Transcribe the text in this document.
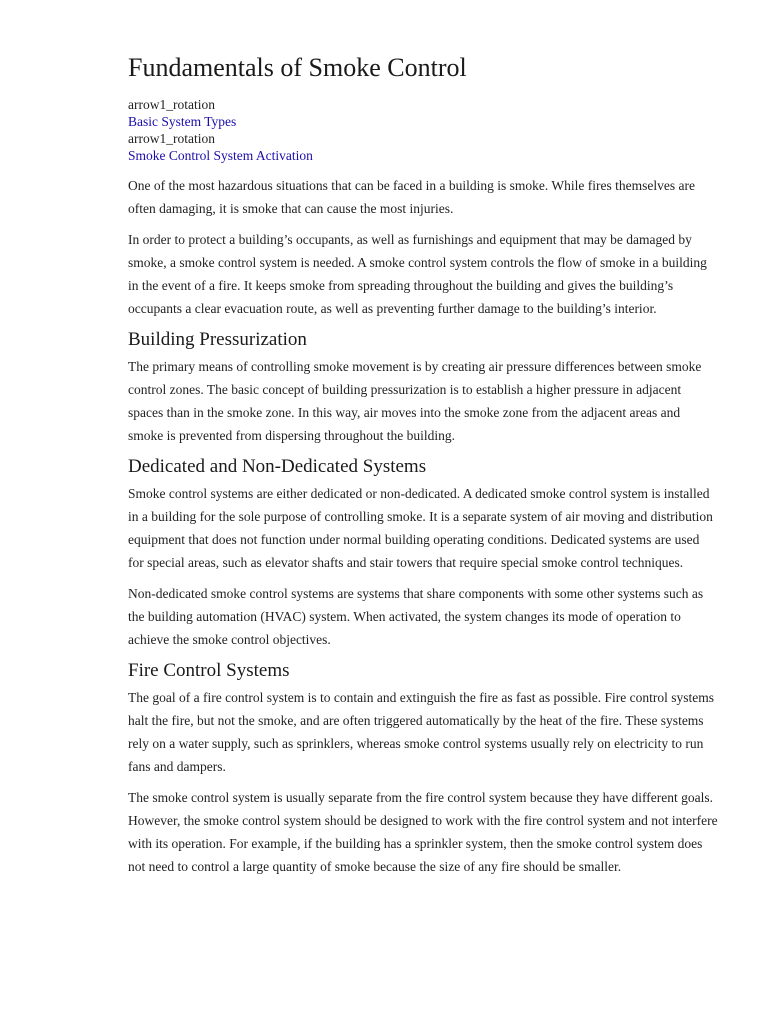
Fundamentals of Smoke Control
arrow1_rotation
Basic System Types
arrow1_rotation
Smoke Control System Activation

One of the most hazardous situations that can be faced in a building is smoke. While fires themselves are often damaging, it is smoke that can cause the most injuries.

In order to protect a building’s occupants, as well as furnishings and equipment that may be damaged by smoke, a smoke control system is needed. A smoke control system controls the flow of smoke in a building in the event of a fire. It keeps smoke from spreading throughout the building and gives the building’s occupants a clear evacuation route, as well as preventing further damage to the building’s interior.

Building Pressurization

The primary means of controlling smoke movement is by creating air pressure differences between smoke control zones. The basic concept of building pressurization is to establish a higher pressure in adjacent spaces than in the smoke zone. In this way, air moves into the smoke zone from the adjacent areas and smoke is prevented from dispersing throughout the building.

Dedicated and Non-Dedicated Systems

Smoke control systems are either dedicated or non-dedicated. A dedicated smoke control system is installed in a building for the sole purpose of controlling smoke. It is a separate system of air moving and distribution equipment that does not function under normal building operating conditions. Dedicated systems are used for special areas, such as elevator shafts and stair towers that require special smoke control techniques.

Non-dedicated smoke control systems are systems that share components with some other systems such as the building automation (HVAC) system. When activated, the system changes its mode of operation to achieve the smoke control objectives.

Fire Control Systems

The goal of a fire control system is to contain and extinguish the fire as fast as possible. Fire control systems halt the fire, but not the smoke, and are often triggered automatically by the heat of the fire. These systems rely on a water supply, such as sprinklers, whereas smoke control systems usually rely on electricity to run fans and dampers.

The smoke control system is usually separate from the fire control system because they have different goals. However, the smoke control system should be designed to work with the fire control system and not interfere with its operation. For example, if the building has a sprinkler system, then the smoke control system does not need to control a large quantity of smoke because the size of any fire should be smaller.
